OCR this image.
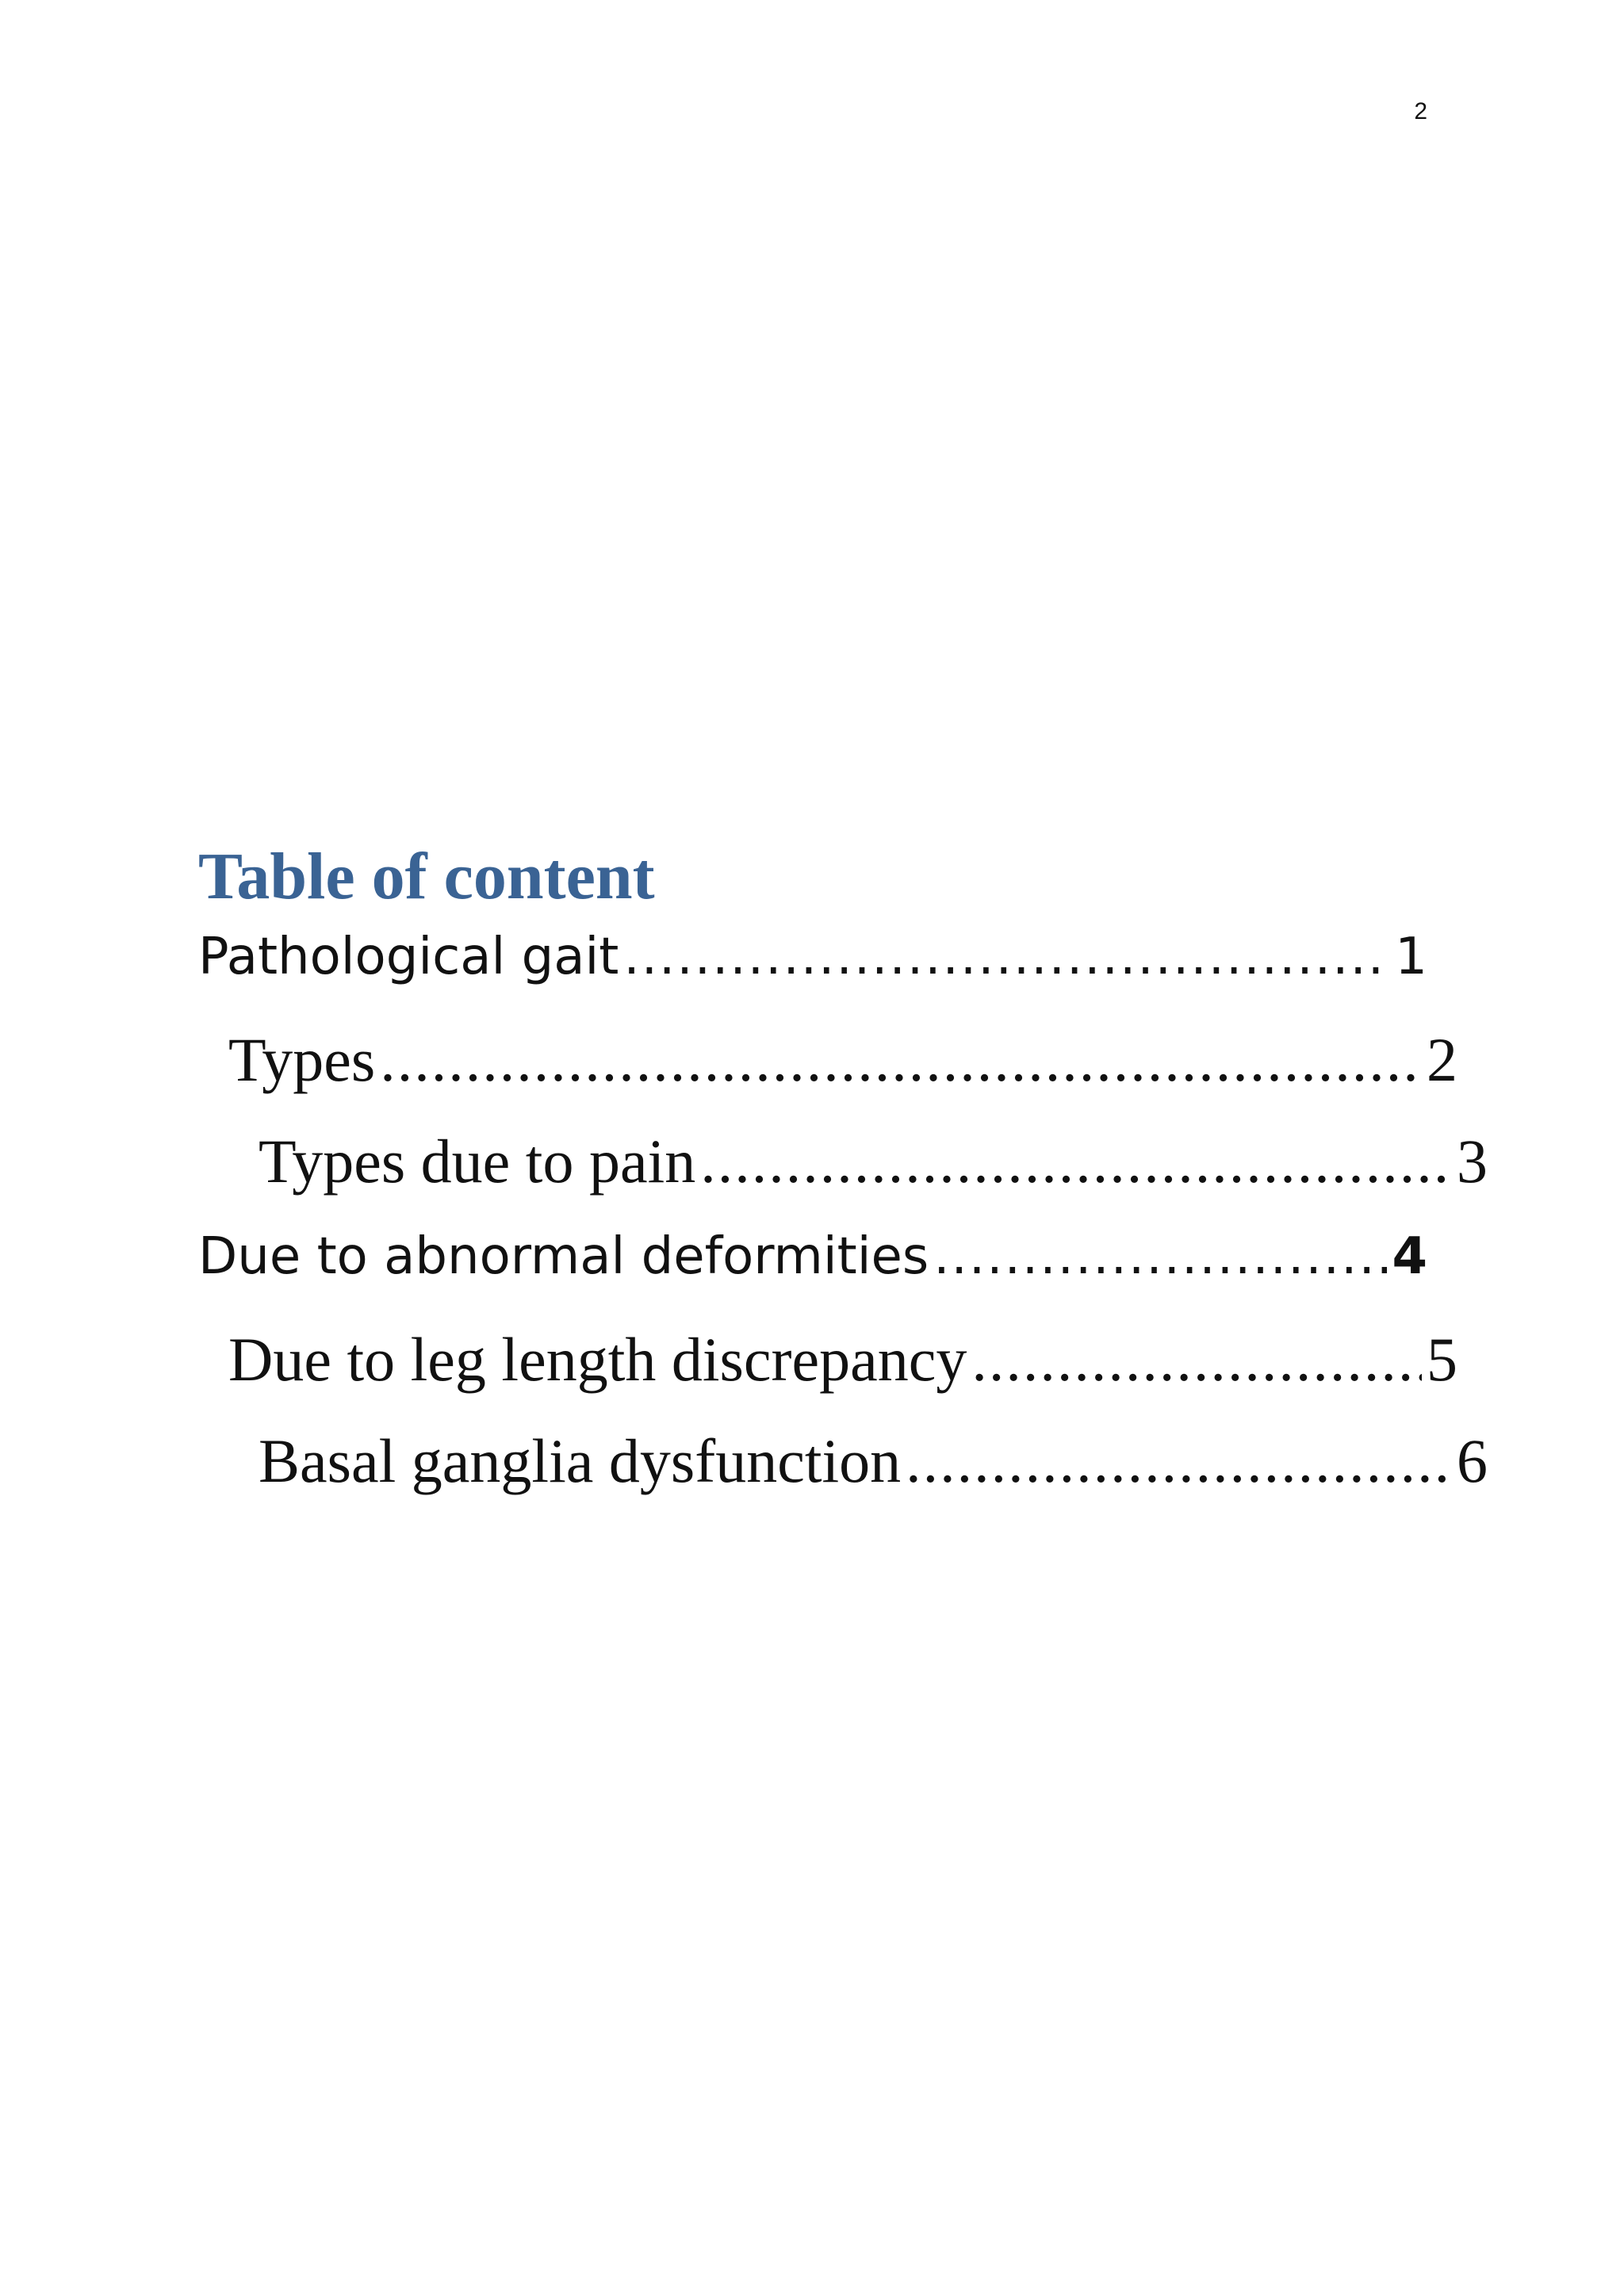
2
Table of content
Pathological gait .....	1
Types .....	2
Types due to pain .....	3
Due to abnormal deformities .....	4
Due to leg length discrepancy .....	5
Basal ganglia dysfunction .....	6
